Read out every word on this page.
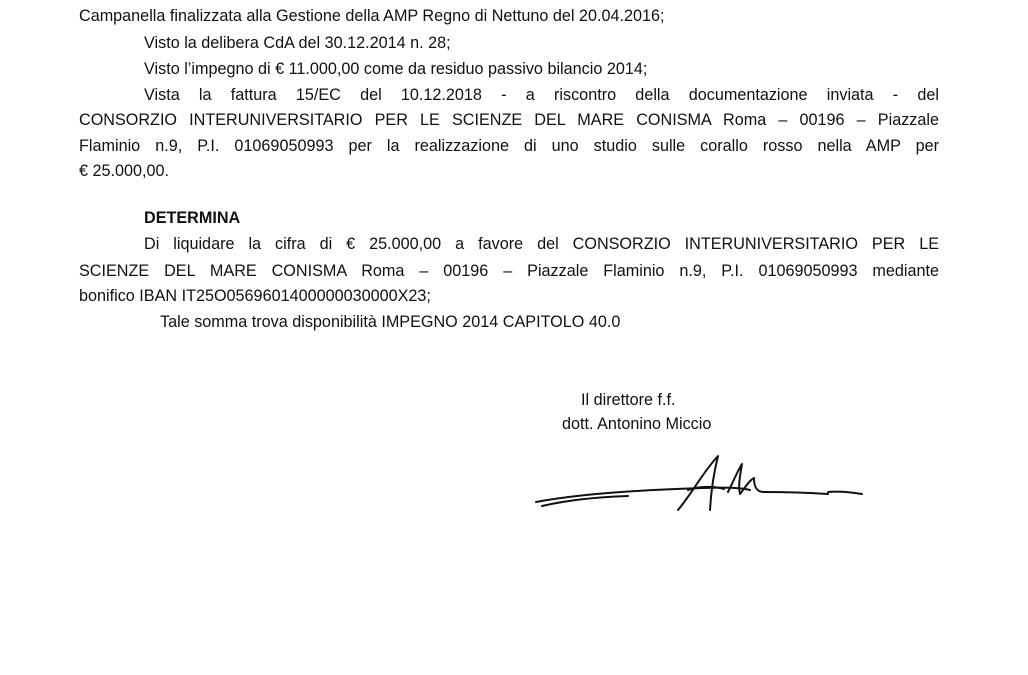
Campanella finalizzata alla Gestione della AMP Regno di Nettuno del 20.04.2016;
Visto la delibera CdA del 30.12.2014 n. 28;
Visto l’impegno di € 11.000,00 come da residuo passivo bilancio 2014;
Vista la fattura 15/EC del 10.12.2018 - a riscontro della documentazione inviata - del
CONSORZIO INTERUNIVERSITARIO PER LE SCIENZE DEL MARE CONISMA Roma – 00196 – Piazzale
Flaminio n.9, P.I. 01069050993 per la realizzazione di uno studio sulle corallo rosso nella AMP per
€ 25.000,00.
DETERMINA
Di liquidare la cifra di € 25.000,00 a favore del CONSORZIO INTERUNIVERSITARIO PER LE
SCIENZE DEL MARE CONISMA Roma – 00196 – Piazzale Flaminio n.9, P.I. 01069050993 mediante
bonifico IBAN IT25O0569601400000030000X23;
Tale somma trova disponibilità IMPEGNO 2014 CAPITOLO 40.0
Il direttore f.f.
dott. Antonino Miccio
